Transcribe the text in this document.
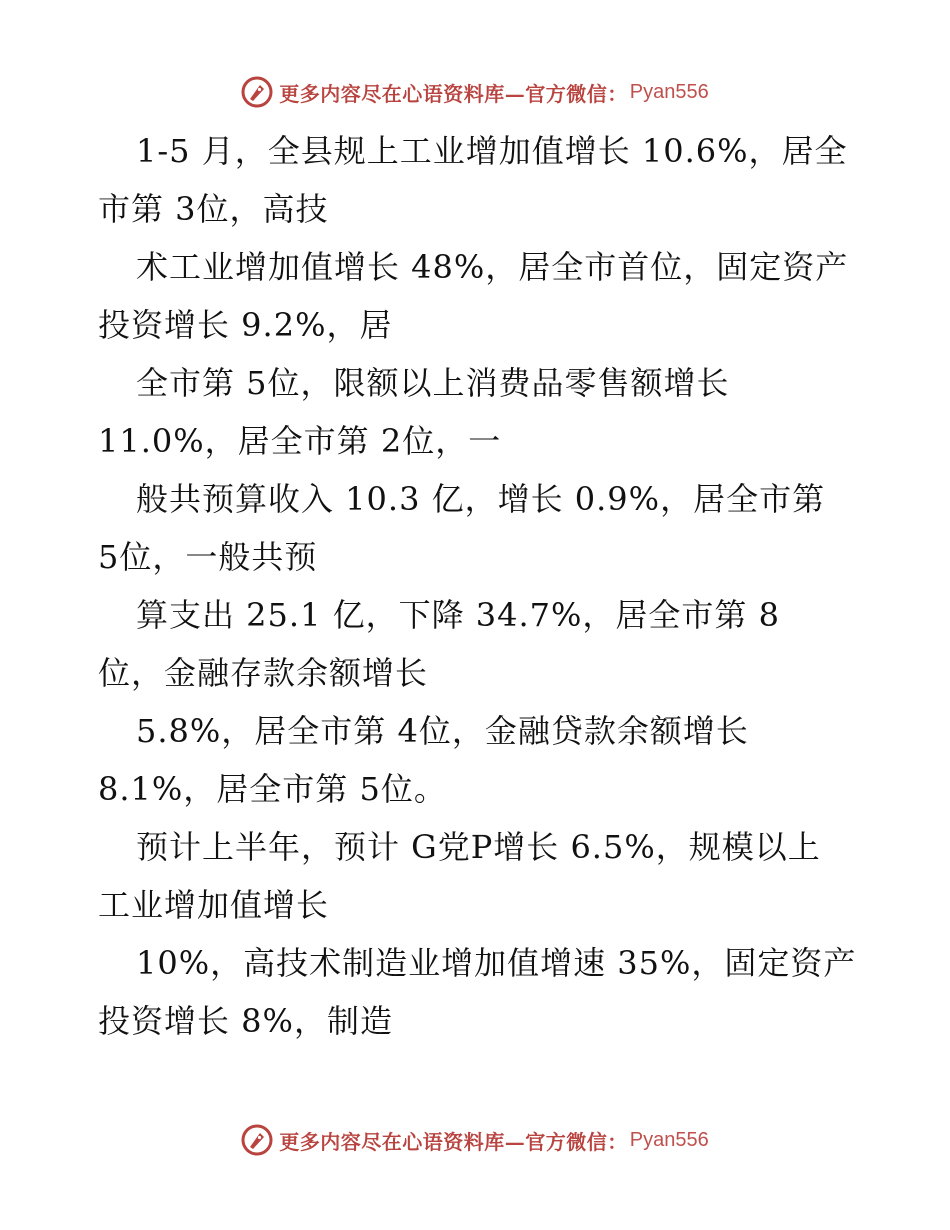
更多内容尽在心语资料库—官方微信： Pyan556
1-5 月，全县规上工业增加值增长 10.6%，居全
市第 3位，高技
术工业增加值增长 48%，居全市首位，固定资产
投资增长 9.2%，居
全市第 5位，限额以上消费品零售额增长
11.0%，居全市第 2位，一
般共预算收入 10.3 亿，增长 0.9%，居全市第
5位，一般共预
算支出 25.1 亿，下降 34.7%，居全市第 8
位，金融存款余额增长
5.8%，居全市第 4位，金融贷款余额增长
8.1%，居全市第 5位。
预计上半年，预计 G党P增长 6.5%，规模以上
工业增加值增长
10%，高技术制造业增加值增速 35%，固定资产
投资增长 8%，制造
更多内容尽在心语资料库—官方微信： Pyan556
